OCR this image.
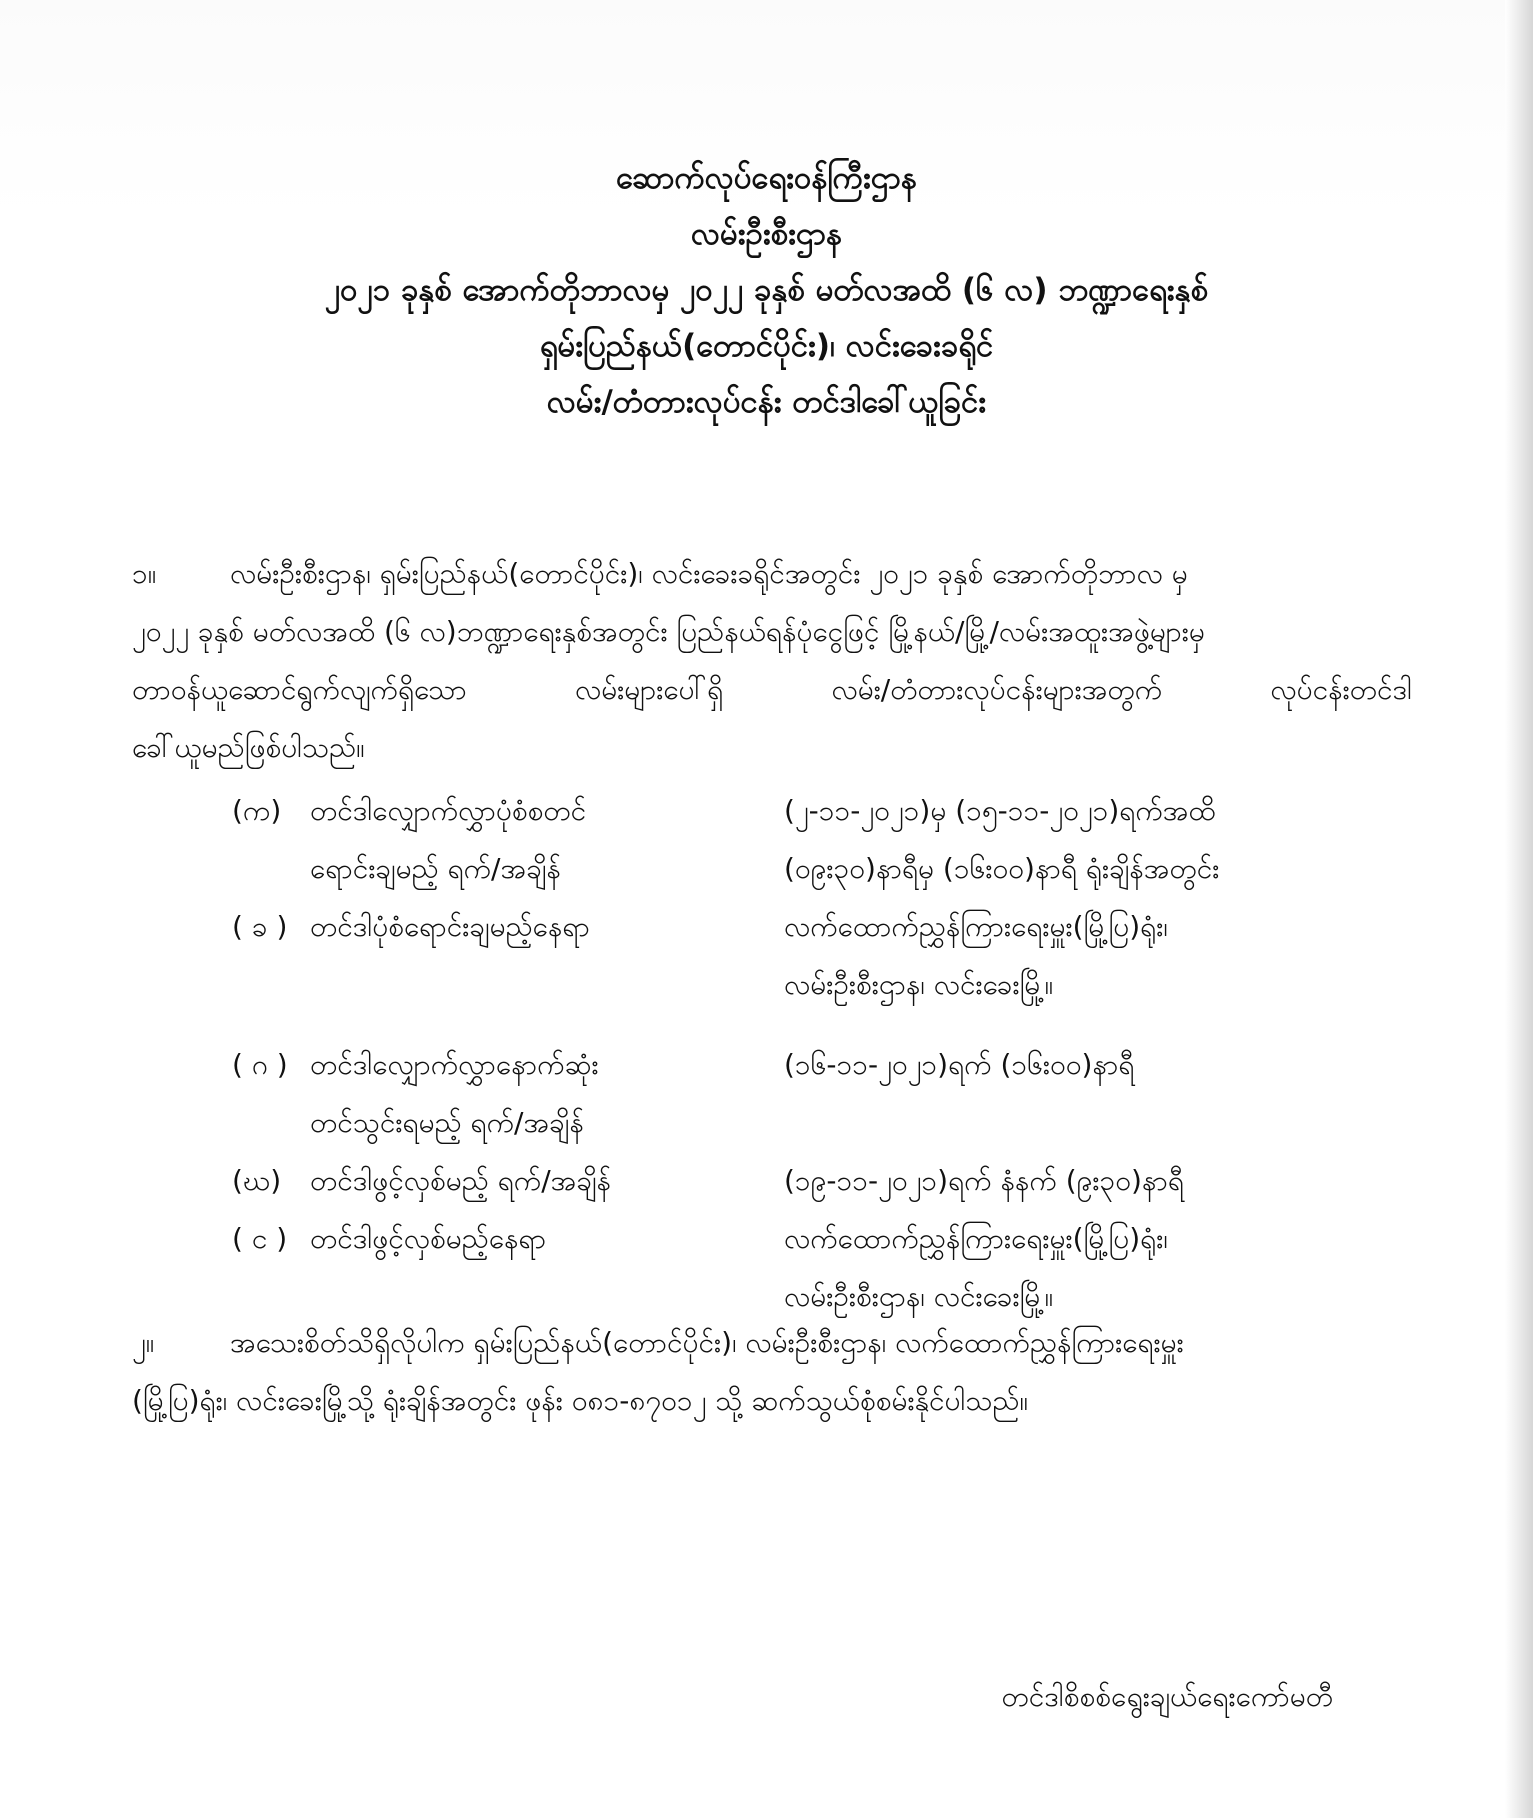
ဆောက်လုပ်ရေးဝန်ကြီးဌာန
လမ်းဦးစီးဌာန
၂၀၂၁ ခုနှစ် အောက်တိုဘာလမှ ၂၀၂၂ ခုနှစ် မတ်လအထိ (၆ လ) ဘဏ္ဍာရေးနှစ်
ရှမ်းပြည်နယ်(တောင်ပိုင်း)၊ လင်းခေးခရိုင်
လမ်း/တံတားလုပ်ငန်း တင်ဒါခေါ်ယူခြင်း
၁။	လမ်းဦးစီးဌာန၊ ရှမ်းပြည်နယ်(တောင်ပိုင်း)၊ လင်းခေးခရိုင်အတွင်း ၂၀၂၁ ခုနှစ် အောက်တိုဘာလ မှ
၂၀၂၂ ခုနှစ် မတ်လအထိ (၆ လ)ဘဏ္ဍာရေးနှစ်အတွင်း ပြည်နယ်ရန်ပုံငွေဖြင့် မြို့နယ်/မြို့/လမ်းအထူးအဖွဲ့များမှ
တာဝန်ယူဆောင်ရွက်လျက်ရှိသော	လမ်းများပေါ်ရှိ	လမ်း/တံတားလုပ်ငန်းများအတွက်	လုပ်ငန်းတင်ဒါ
ခေါ်ယူမည်ဖြစ်ပါသည်။
(က)	တင်ဒါလျှောက်လွှာပုံစံစတင်	(၂-၁၁-၂၀၂၁)မှ (၁၅-၁၁-၂၀၂၁)ရက်အထိ
ရောင်းချမည့် ရက်/အချိန်	(၀၉း၃၀)နာရီမှ (၁၆း၀၀)နာရီ ရုံးချိန်အတွင်း
( ခ ) တင်ဒါပုံစံရောင်းချမည့်နေရာ	လက်ထောက်ညွှန်ကြားရေးမှူး(မြို့ပြ)ရုံး၊
လမ်းဦးစီးဌာန၊ လင်းခေးမြို့။
( ဂ ) တင်ဒါလျှောက်လွှာနောက်ဆုံး	(၁၆-၁၁-၂၀၂၁)ရက် (၁၆း၀၀)နာရီ
တင်သွင်းရမည့် ရက်/အချိန်
(ဃ)	တင်ဒါဖွင့်လှစ်မည့် ရက်/အချိန်	(၁၉-၁၁-၂၀၂၁)ရက် နံနက် (၉း၃၀)နာရီ
( င ) တင်ဒါဖွင့်လှစ်မည့်နေရာ	လက်ထောက်ညွှန်ကြားရေးမှူး(မြို့ပြ)ရုံး၊
လမ်းဦးစီးဌာန၊ လင်းခေးမြို့။
၂။	အသေးစိတ်သိရှိလိုပါက ရှမ်းပြည်နယ်(တောင်ပိုင်း)၊ လမ်းဦးစီးဌာန၊ လက်ထောက်ညွှန်ကြားရေးမှူး
(မြို့ပြ)ရုံး၊ လင်းခေးမြို့သို့ ရုံးချိန်အတွင်း ဖုန်း ၀၈၁-၈၇၀၁၂ သို့ ဆက်သွယ်စုံစမ်းနိုင်ပါသည်။
တင်ဒါစိစစ်ရွေးချယ်ရေးကော်မတီ
